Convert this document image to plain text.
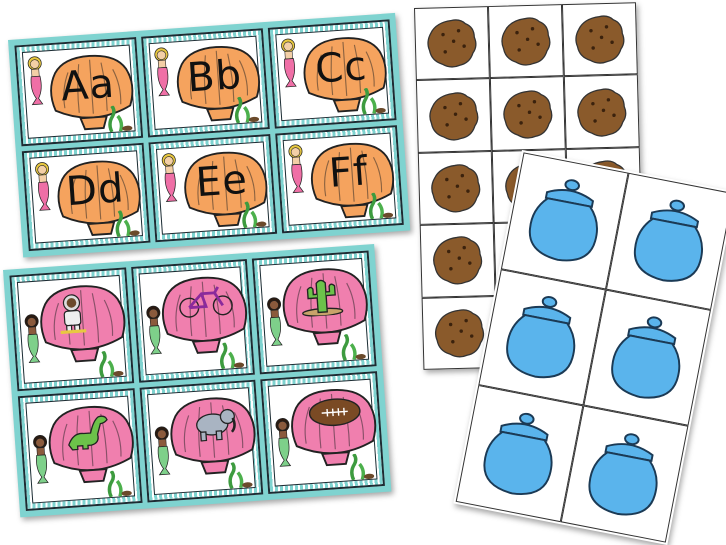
Aa Bb Cc
Dd Ee	Ff
